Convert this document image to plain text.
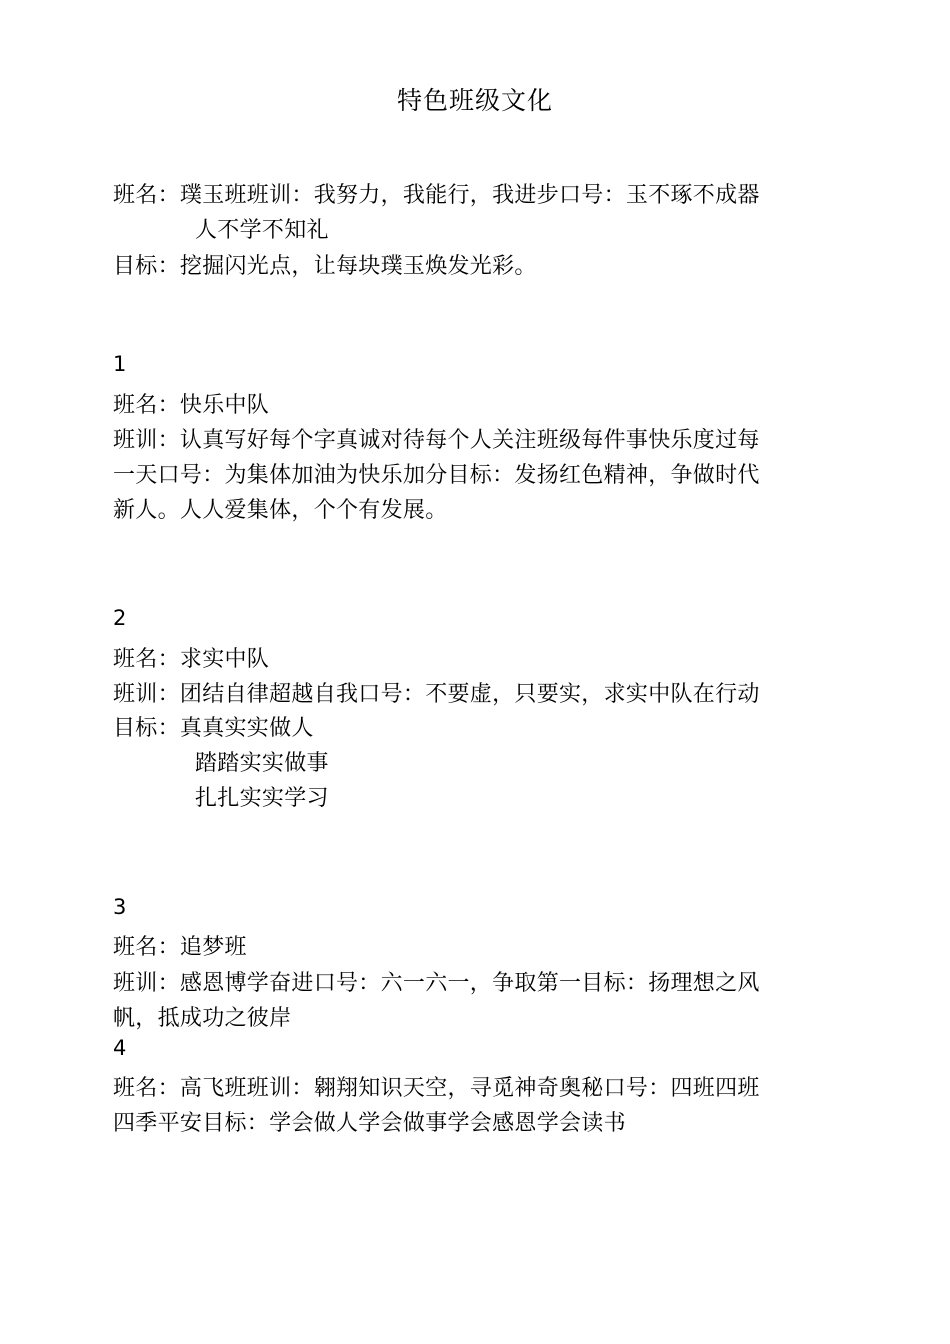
特色班级文化
班名：璞玉班班训：我努力，我能行，我进步口号：玉不琢不成器
人不学不知礼
目标：挖掘闪光点，让每块璞玉焕发光彩。
1
班名：快乐中队
班训：认真写好每个字真诚对待每个人关注班级每件事快乐度过每
一天口号：为集体加油为快乐加分目标：发扬红色精神，争做时代
新人。人人爱集体，个个有发展。
2
班名：求实中队
班训：团结自律超越自我口号：不要虚，只要实，求实中队在行动
目标：真真实实做人
踏踏实实做事
扎扎实实学习
3
班名：追梦班
班训：感恩博学奋进口号：六一六一，争取第一目标：扬理想之风
帆，抵成功之彼岸
4
班名：高飞班班训：翱翔知识天空，寻觅神奇奥秘口号：四班四班
四季平安目标：学会做人学会做事学会感恩学会读书
